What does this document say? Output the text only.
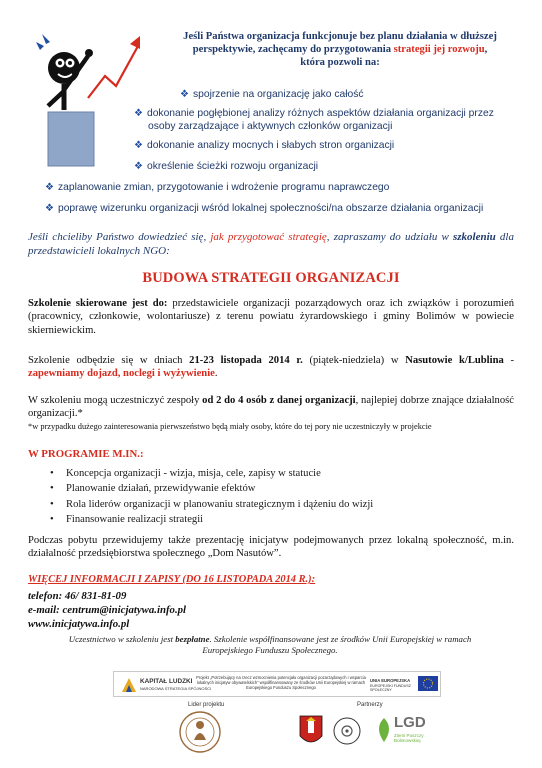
Jeśli Państwa organizacja funkcjonuje bez planu działania w dłuższej
perspektywie, zachęcamy do przygotowania strategii jej rozwoju,
która pozwoli na:
❖ spojrzenie na organizację jako całość
❖ dokonanie pogłębionej analizy różnych aspektów działania organizacji przez
osoby zarządzające i aktywnych członków organizacji
❖ dokonanie analizy mocnych i słabych stron organizacji
❖ określenie ścieżki rozwoju organizacji
❖ zaplanowanie zmian, przygotowanie i wdrożenie programu naprawczego
❖ poprawę wizerunku organizacji wśród lokalnej społeczności/na obszarze działania organizacji
Jeśli chcieliby Państwo dowiedzieć się, jak przygotować strategię, zapraszamy do udziału w szkoleniu dla przedstawicieli lokalnych NGO:
BUDOWA STRATEGII ORGANIZACJI
Szkolenie skierowane jest do: przedstawiciele organizacji pozarządowych oraz ich związków i porozumień (pracownicy, członkowie, wolontariusze) z terenu powiatu żyrardowskiego i gminy Bolimów w powiecie skierniewickim.
Szkolenie odbędzie się w dniach 21-23 listopada 2014 r. (piątek-niedziela) w Nasutowie k/Lublina - zapewniamy dojazd, noclegi i wyżywienie.
W szkoleniu mogą uczestniczyć zespoły od 2 do 4 osób z danej organizacji, najlepiej dobrze znające działalność organizacji.*
*w przypadku dużego zainteresowania pierwszeństwo będą miały osoby, które do tej pory nie uczestniczyły w projekcie
W PROGRAMIE M.IN.:
• Koncepcja organizacji - wizja, misja, cele, zapisy w statucie
• Planowanie działań, przewidywanie efektów
• Rola liderów organizacji w planowaniu strategicznym i dążeniu do wizji
• Finansowanie realizacji strategii
Podczas pobytu przewidujemy także prezentację inicjatyw podejmowanych przez lokalną społeczność, m.in. działalność przedsiębiorstwa społecznego „Dom Nasutów”.
WIĘCEJ INFORMACJI I ZAPISY (DO 16 LISTOPADA 2014 R.):
telefon: 46/ 831-81-09
e-mail: centrum@inicjatywa.info.pl
www.inicjatywa.info.pl
Uczestnictwo w szkoleniu jest bezpłatne. Szkolenie współfinansowane jest ze środków Unii Europejskiej w ramach Europejskiego Funduszu Społecznego.
KAPITAŁ LUDZKI
NARODOWA STRATEGIA SPÓJNOŚCI
Projekt „Potrzebujący na rzecz wzmocnienia potencjału organizacji pozarządowych i wsparcia lokalnych inicjatyw obywatelskich” współfinansowany ze środków Unii Europejskiej w ramach Europejskiego Funduszu Społecznego
UNIA EUROPEJSKA
EUROPEJSKI FUNDUSZ SPOŁECZNY
Lider projektu	Partnerzy
LGD
Ziemi Puszczy Bolimowskiej
